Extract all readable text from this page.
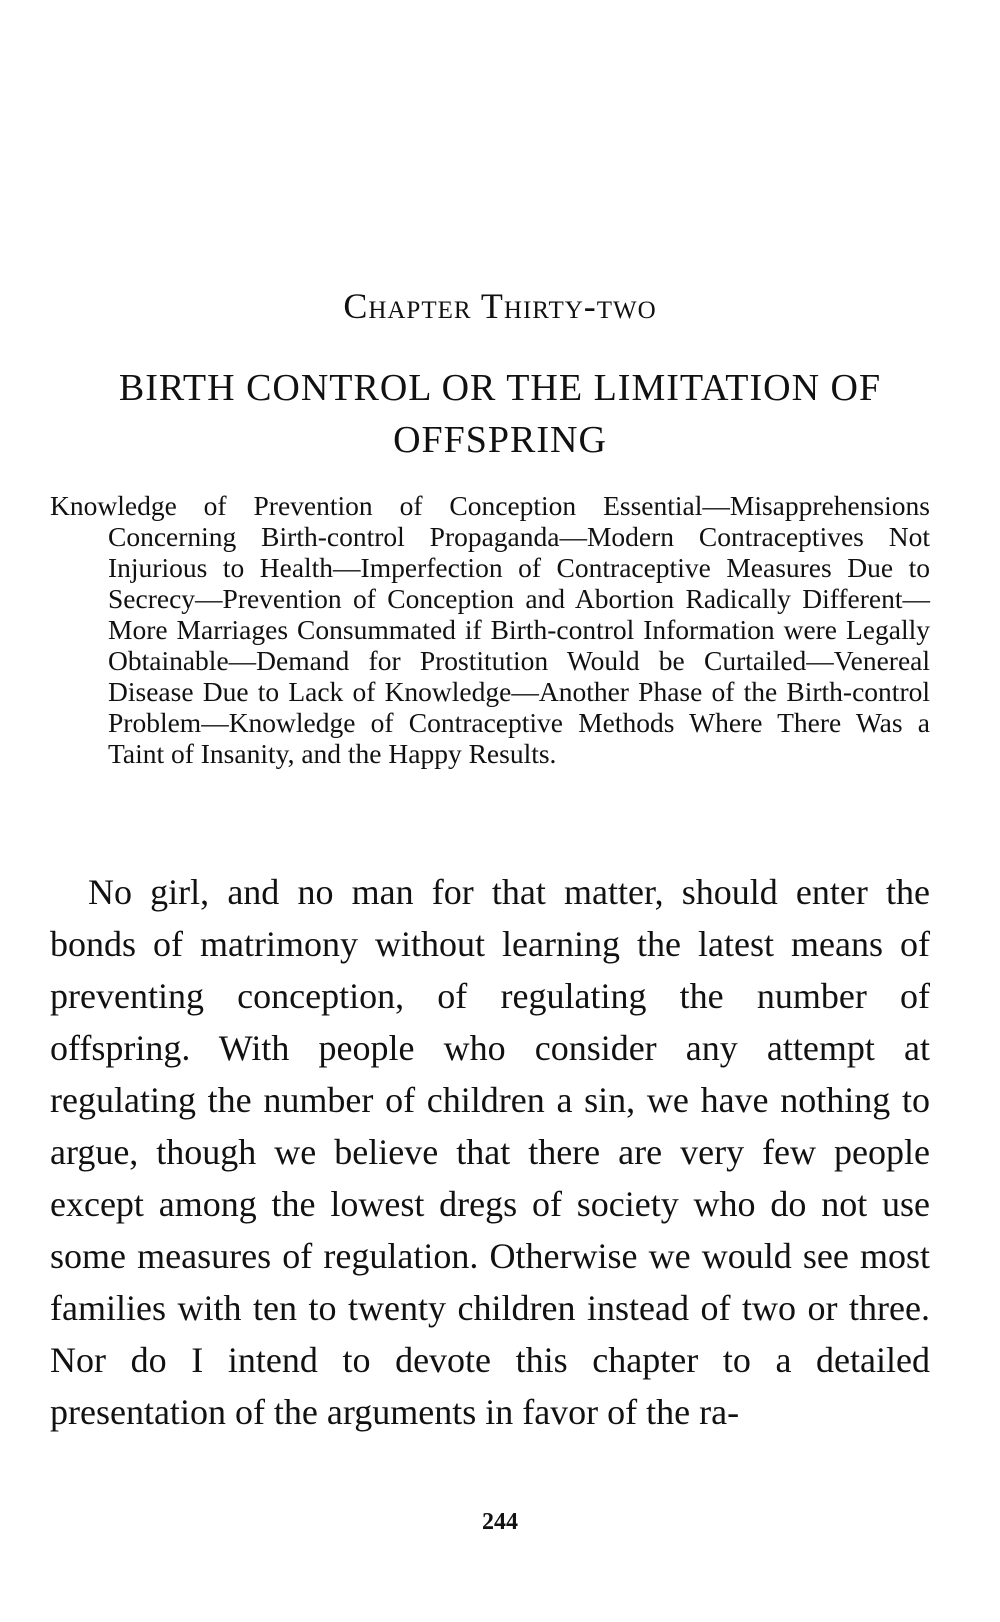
Chapter Thirty-two
BIRTH CONTROL OR THE LIMITATION OF OFFSPRING
Knowledge of Prevention of Conception Essential—Misapprehensions Concerning Birth-control Propaganda—Modern Contraceptives Not Injurious to Health—Imperfection of Contraceptive Measures Due to Secrecy—Prevention of Conception and Abortion Radically Different—More Marriages Consummated if Birth-control Information were Legally Obtainable—Demand for Prostitution Would be Curtailed—Venereal Disease Due to Lack of Knowledge—Another Phase of the Birth-control Problem—Knowledge of Contraceptive Methods Where There Was a Taint of Insanity, and the Happy Results.
No girl, and no man for that matter, should enter the bonds of matrimony without learning the latest means of preventing conception, of regulating the number of offspring. With people who consider any attempt at regulating the number of children a sin, we have nothing to argue, though we believe that there are very few people except among the lowest dregs of society who do not use some measures of regulation. Otherwise we would see most families with ten to twenty children instead of two or three. Nor do I intend to devote this chapter to a detailed presentation of the arguments in favor of the ra-
244
